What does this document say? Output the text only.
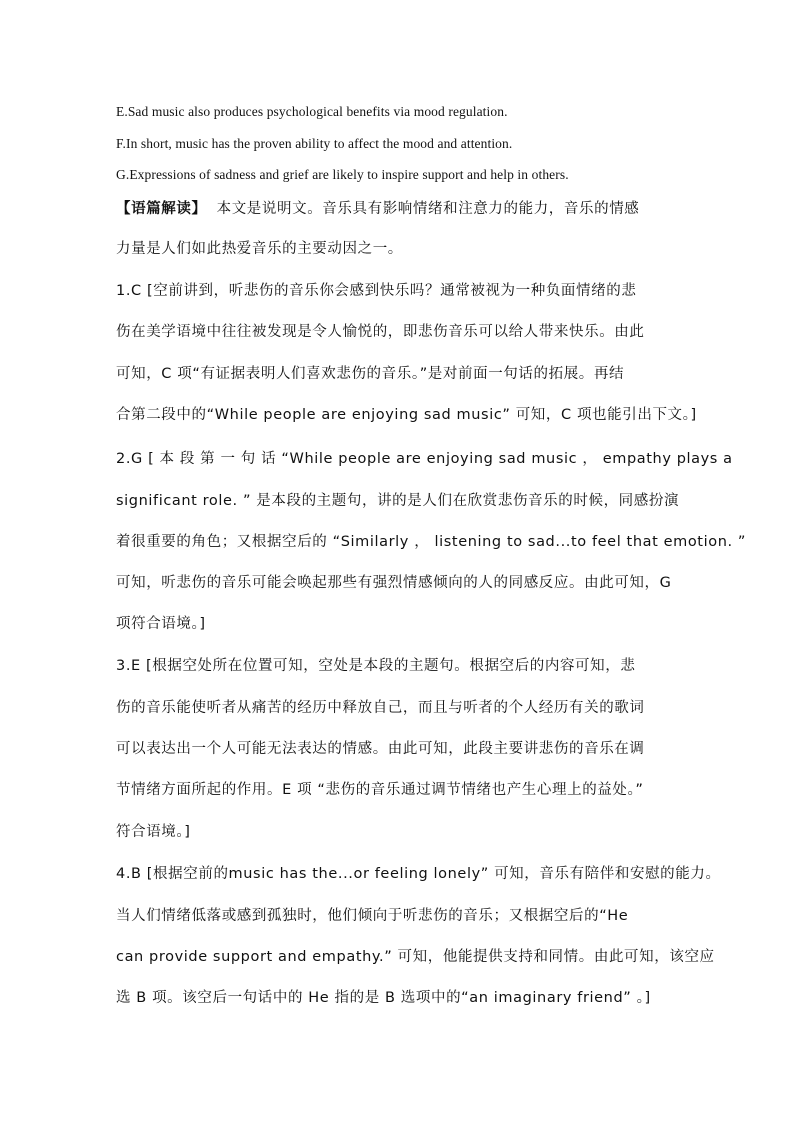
E.Sad music also produces psychological benefits via mood regulation.
F.In short, music has the proven ability to affect the mood and attention.
G.Expressions of sadness and grief are likely to inspire support and help in others.
【语篇解读】 本文是说明文。音乐具有影响情绪和注意力的能力，音乐的情感
力量是人们如此热爱音乐的主要动因之一。
1.C [空前讲到，听悲伤的音乐你会感到快乐吗？通常被视为一种负面情绪的悲
伤在美学语境中往往被发现是令人愉悦的，即悲伤音乐可以给人带来快乐。由此
可知，C 项“有证据表明人们喜欢悲伤的音乐。”是对前面一句话的拓展。再结
合第二段中的“While people are enjoying sad music” 可知，C 项也能引出下文。]
2.G [ 本 段 第 一 句 话 “While people are enjoying sad music ， empathy plays a
significant role. ” 是本段的主题句，讲的是人们在欣赏悲伤音乐的时候，同感扮演
着很重要的角色；又根据空后的 “Similarly ， listening to sad...to feel that emotion. ”
可知，听悲伤的音乐可能会唤起那些有强烈情感倾向的人的同感反应。由此可知，G
项符合语境。]
3.E [根据空处所在位置可知，空处是本段的主题句。根据空后的内容可知，悲
伤的音乐能使听者从痛苦的经历中释放自己，而且与听者的个人经历有关的歌词
可以表达出一个人可能无法表达的情感。由此可知，此段主要讲悲伤的音乐在调
节情绪方面所起的作用。E 项 “悲伤的音乐通过调节情绪也产生心理上的益处。”
符合语境。]
4.B [根据空前的music has the...or feeling lonely” 可知，音乐有陪伴和安慰的能力。
当人们情绪低落或感到孤独时，他们倾向于听悲伤的音乐；又根据空后的“He
can provide support and empathy.” 可知，他能提供支持和同情。由此可知，该空应
选 B 项。该空后一句话中的 He 指的是 B 选项中的“an imaginary friend” 。]
